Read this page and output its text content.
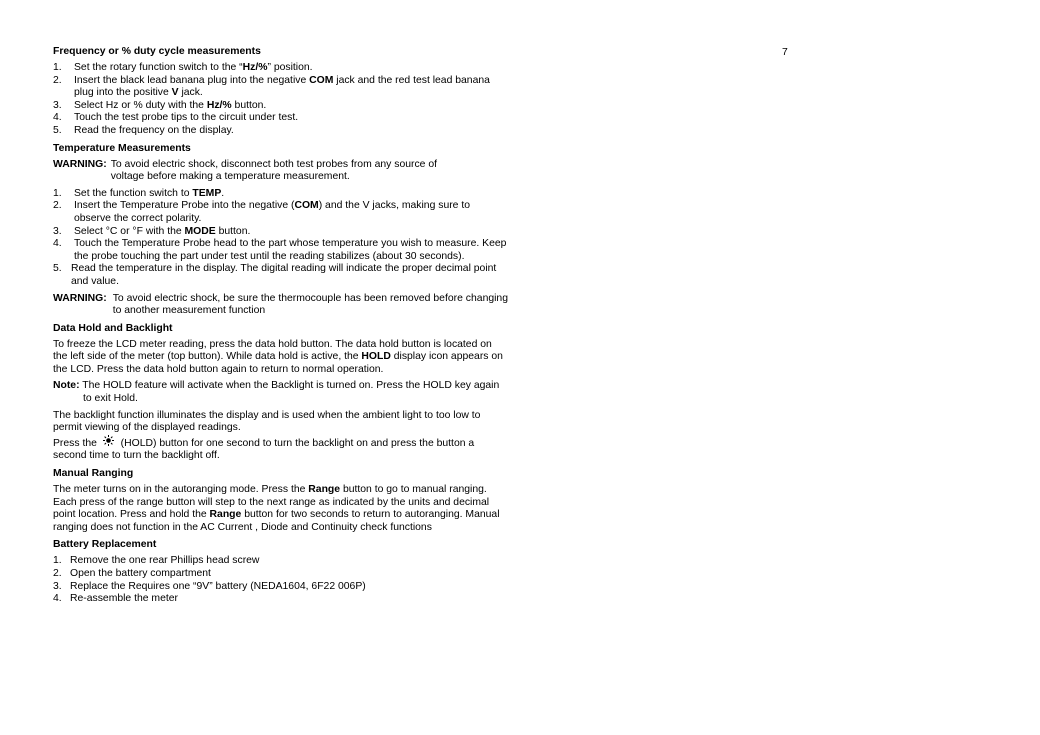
7
Frequency or % duty cycle measurements
1. Set the rotary function switch to the “Hz/%” position.
2. Insert the black lead banana plug into the negative COM jack and the red test lead banana plug into the positive V jack.
3. Select Hz or % duty with the Hz/% button.
4. Touch the test probe tips to the circuit under test.
5. Read the frequency on the display.
Temperature Measurements
WARNING: To avoid electric shock, disconnect both test probes from any source of voltage before making a temperature measurement.
1. Set the function switch to TEMP.
2. Insert the Temperature Probe into the negative (COM) and the V jacks, making sure to observe the correct polarity.
3. Select °C or °F with the MODE button.
4. Touch the Temperature Probe head to the part whose temperature you wish to measure. Keep the probe touching the part under test until the reading stabilizes (about 30 seconds).
5. Read the temperature in the display. The digital reading will indicate the proper decimal point and value.
WARNING: To avoid electric shock, be sure the thermocouple has been removed before changing to another measurement function
Data Hold and Backlight

To freeze the LCD meter reading, press the data hold button. The data hold button is located on the left side of the meter (top button). While data hold is active, the HOLD display icon appears on the LCD. Press the data hold button again to return to normal operation.

Note: The HOLD feature will activate when the Backlight is turned on. Press the HOLD key again to exit Hold.

The backlight function illuminates the display and is used when the ambient light to too low to permit viewing of the displayed readings.

Press the  (HOLD) button for one second to turn the backlight on and press the button a second time to turn the backlight off.

Manual Ranging

The meter turns on in the autoranging mode. Press the Range button to go to manual ranging. Each press of the range button will step to the next range as indicated by the units and decimal point location. Press and hold the Range button for two seconds to return to autoranging. Manual ranging does not function in the AC Current , Diode and Continuity check functions

Battery Replacement
1. Remove the one rear Phillips head screw
2. Open the battery compartment
3. Replace the Requires one “9V” battery (NEDA1604, 6F22 006P)
4. Re-assemble the meter
